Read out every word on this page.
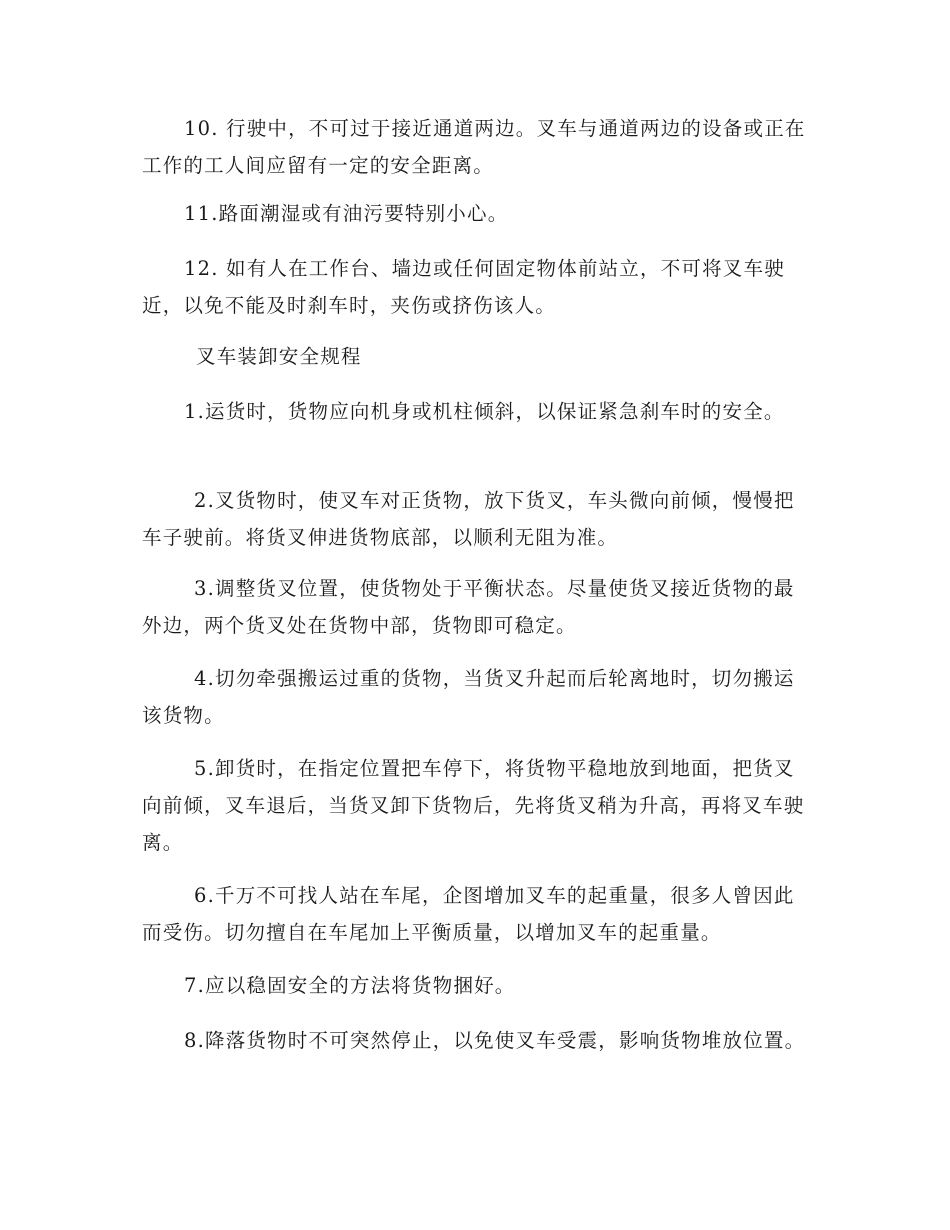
10. 行驶中，不可过于接近通道两边。叉车与通道两边的设备或正在工作的工人间应留有一定的安全距离。

11.路面潮湿或有油污要特别小心。

12. 如有人在工作台、墙边或任何固定物体前站立，不可将叉车驶近，以免不能及时刹车时，夹伤或挤伤该人。

叉车装卸安全规程

1.运货时，货物应向机身或机柱倾斜，以保证紧急刹车时的安全。

2.叉货物时，使叉车对正货物，放下货叉，车头微向前倾，慢慢把车子驶前。将货叉伸进货物底部，以顺利无阻为准。

3.调整货叉位置，使货物处于平衡状态。尽量使货叉接近货物的最外边，两个货叉处在货物中部，货物即可稳定。

4.切勿牵强搬运过重的货物，当货叉升起而后轮离地时，切勿搬运该货物。

5.卸货时，在指定位置把车停下，将货物平稳地放到地面，把货叉向前倾，叉车退后，当货叉卸下货物后，先将货叉稍为升高，再将叉车驶离。

6.千万不可找人站在车尾，企图增加叉车的起重量，很多人曾因此而受伤。切勿擅自在车尾加上平衡质量，以增加叉车的起重量。

7.应以稳固安全的方法将货物捆好。

8.降落货物时不可突然停止，以免使叉车受震，影响货物堆放位置。
